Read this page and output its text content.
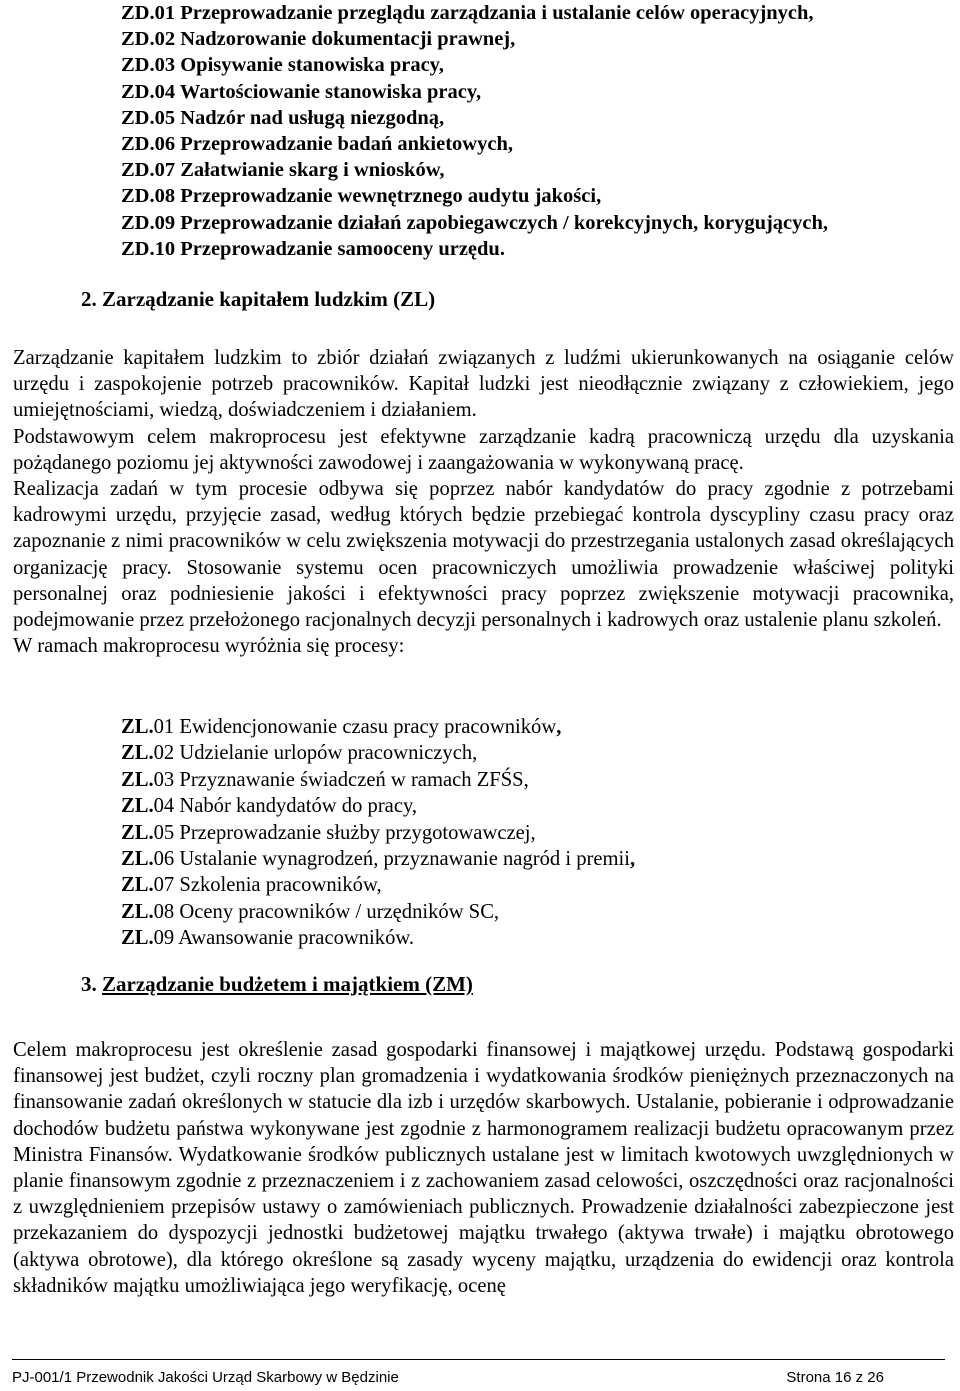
ZD.01 Przeprowadzanie przeglądu zarządzania i ustalanie celów operacyjnych,
ZD.02 Nadzorowanie dokumentacji prawnej,
ZD.03 Opisywanie stanowiska pracy,
ZD.04 Wartościowanie stanowiska pracy,
ZD.05 Nadzór nad usługą niezgodną,
ZD.06 Przeprowadzanie badań ankietowych,
ZD.07 Załatwianie skarg i wniosków,
ZD.08 Przeprowadzanie wewnętrznego audytu jakości,
ZD.09 Przeprowadzanie działań zapobiegawczych / korekcyjnych, korygujących,
ZD.10 Przeprowadzanie samooceny urzędu.
2. Zarządzanie kapitałem ludzkim (ZL)

Zarządzanie kapitałem ludzkim to zbiór działań związanych z ludźmi ukierunkowanych na osiąganie celów urzędu i zaspokojenie potrzeb pracowników. Kapitał ludzki jest nieodłącznie związany z człowiekiem, jego umiejętnościami, wiedzą, doświadczeniem i działaniem.

Podstawowym celem makroprocesu jest efektywne zarządzanie kadrą pracowniczą urzędu dla uzyskania pożądanego poziomu jej aktywności zawodowej i zaangażowania w wykonywaną pracę.

Realizacja zadań w tym procesie odbywa się poprzez nabór kandydatów do pracy zgodnie z potrzebami kadrowymi urzędu, przyjęcie zasad, według których będzie przebiegać kontrola dyscypliny czasu pracy oraz zapoznanie z nimi pracowników w celu zwiększenia motywacji do przestrzegania ustalonych zasad określających organizację pracy. Stosowanie systemu ocen pracowniczych umożliwia prowadzenie właściwej polityki personalnej oraz podniesienie jakości i efektywności pracy poprzez zwiększenie motywacji pracownika, podejmowanie przez przełożonego racjonalnych decyzji personalnych i kadrowych oraz ustalenie planu szkoleń.

W ramach makroprocesu wyróżnia się procesy:

ZL.01 Ewidencjonowanie czasu pracy pracowników,
ZL.02 Udzielanie urlopów pracowniczych,
ZL.03 Przyznawanie świadczeń w ramach ZFŚS,
ZL.04 Nabór kandydatów do pracy,
ZL.05 Przeprowadzanie służby przygotowawczej,
ZL.06 Ustalanie wynagrodzeń, przyznawanie nagród i premii,
ZL.07 Szkolenia pracowników,
ZL.08 Oceny pracowników / urzędników SC,
ZL.09 Awansowanie pracowników.
3. Zarządzanie budżetem i majątkiem (ZM)

Celem makroprocesu jest określenie zasad gospodarki finansowej i majątkowej urzędu. Podstawą gospodarki finansowej jest budżet, czyli roczny plan gromadzenia i wydatkowania środków pieniężnych przeznaczonych na finansowanie zadań określonych w statucie dla izb i urzędów skarbowych. Ustalanie, pobieranie i odprowadzanie dochodów budżetu państwa wykonywane jest zgodnie z harmonogramem realizacji budżetu opracowanym przez Ministra Finansów. Wydatkowanie środków publicznych ustalane jest w limitach kwotowych uwzględnionych w planie finansowym zgodnie z przeznaczeniem i z zachowaniem zasad celowości, oszczędności oraz racjonalności z uwzględnieniem przepisów ustawy o zamówieniach publicznych. Prowadzenie działalności zabezpieczone jest przekazaniem do dyspozycji jednostki budżetowej majątku trwałego (aktywa trwałe) i majątku obrotowego (aktywa obrotowe), dla którego określone są zasady wyceny majątku, urządzenia do ewidencji oraz kontrola składników majątku umożliwiająca jego weryfikację, ocenę

PJ-001/1 Przewodnik Jakości Urząd Skarbowy w Będzinie	Strona 16 z 26
